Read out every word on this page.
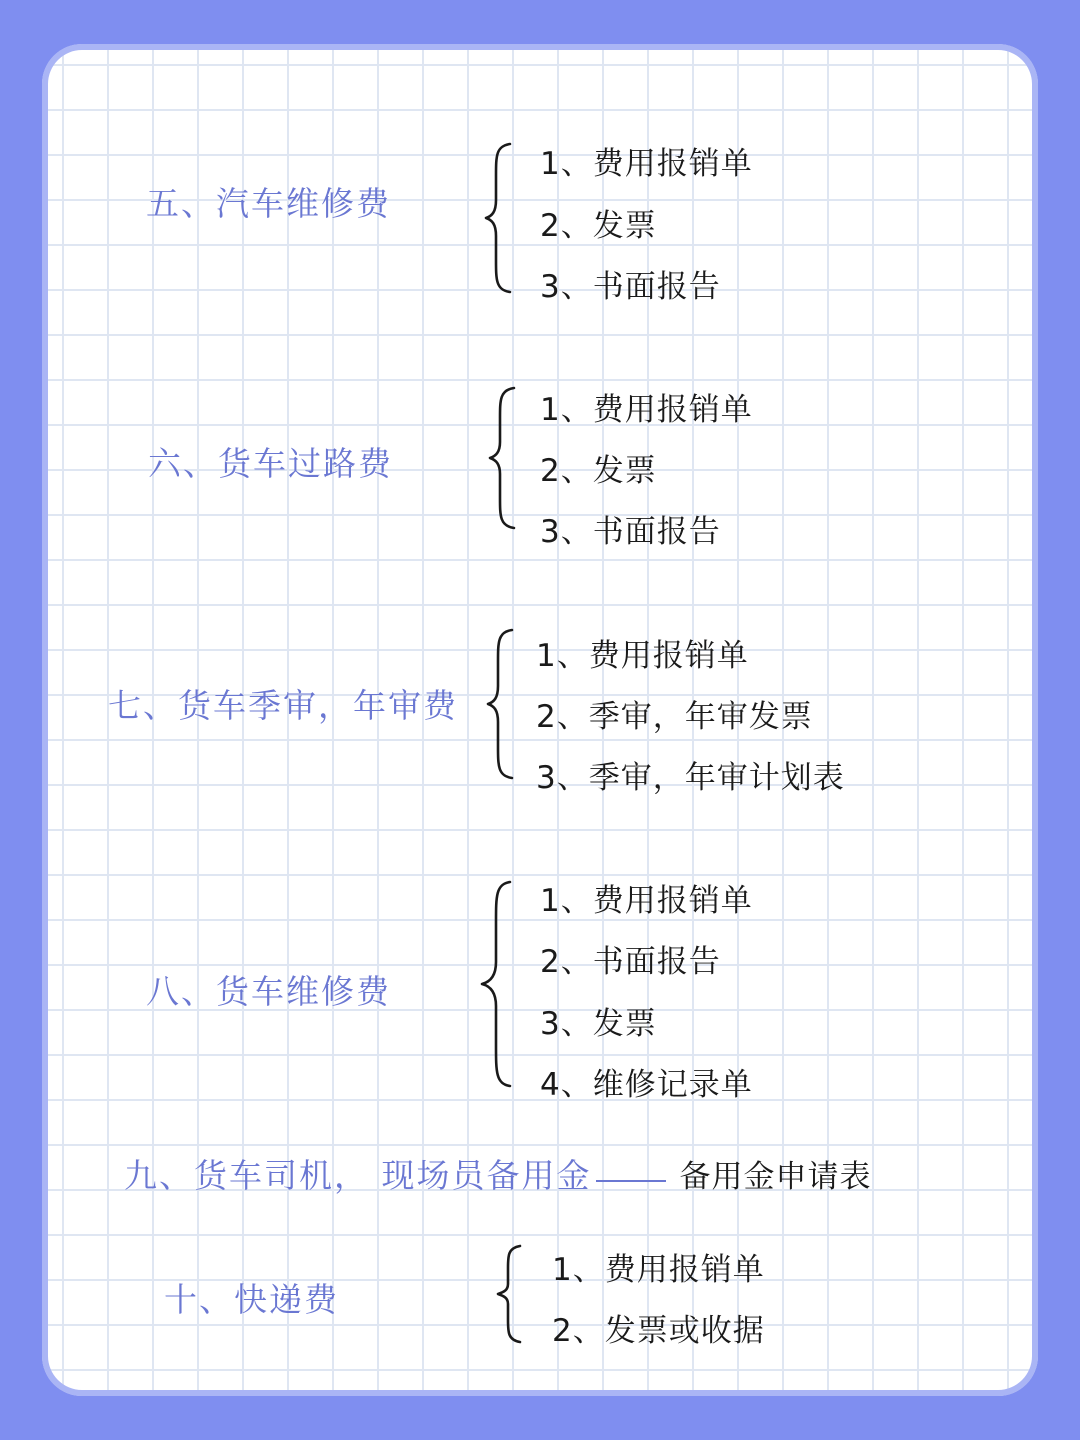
五、汽车维修费
1、费用报销单
2、发票
3、书面报告
六、货车过路费
1、费用报销单
2、发票
3、书面报告
七、货车季审，年审费
1、费用报销单
2、季审，年审发票
3、季审，年审计划表
八、货车维修费
1、费用报销单
2、书面报告
3、发票
4、维修记录单
九、货车司机， 现场员备用金	备用金申请表
十、快递费
1、费用报销单
2、发票或收据
